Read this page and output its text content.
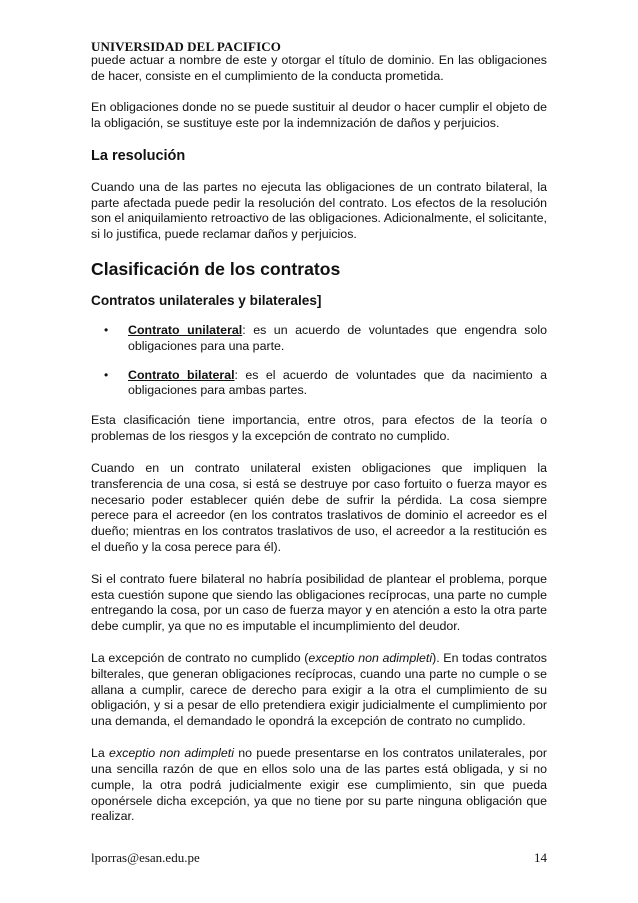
UNIVERSIDAD DEL PACIFICO

puede actuar a nombre de este y otorgar el título de dominio. En las obligaciones de hacer, consiste en el cumplimiento de la conducta prometida.

En obligaciones donde no se puede sustituir al deudor o hacer cumplir el objeto de la obligación, se sustituye este por la indemnización de daños y perjuicios.

La resolución

Cuando una de las partes no ejecuta las obligaciones de un contrato bilateral, la parte afectada puede pedir la resolución del contrato. Los efectos de la resolución son el aniquilamiento retroactivo de las obligaciones. Adicionalmente, el solicitante, si lo justifica, puede reclamar daños y perjuicios.

Clasificación de los contratos
Contratos unilaterales y bilaterales]
• Contrato unilateral: es un acuerdo de voluntades que engendra solo obligaciones para una parte.
• Contrato bilateral: es el acuerdo de voluntades que da nacimiento a obligaciones para ambas partes.

Esta clasificación tiene importancia, entre otros, para efectos de la teoría o problemas de los riesgos y la excepción de contrato no cumplido.

Cuando en un contrato unilateral existen obligaciones que impliquen la transferencia de una cosa, si está se destruye por caso fortuito o fuerza mayor es necesario poder establecer quién debe de sufrir la pérdida. La cosa siempre perece para el acreedor (en los contratos traslativos de dominio el acreedor es el dueño; mientras en los contratos traslativos de uso, el acreedor a la restitución es el dueño y la cosa perece para él).

Si el contrato fuere bilateral no habría posibilidad de plantear el problema, porque esta cuestión supone que siendo las obligaciones recíprocas, una parte no cumple entregando la cosa, por un caso de fuerza mayor y en atención a esto la otra parte debe cumplir, ya que no es imputable el incumplimiento del deudor.

La excepción de contrato no cumplido (exceptio non adimpleti). En todas contratos bilterales, que generan obligaciones recíprocas, cuando una parte no cumple o se allana a cumplir, carece de derecho para exigir a la otra el cumplimiento de su obligación, y si a pesar de ello pretendiera exigir judicialmente el cumplimiento por una demanda, el demandado le opondrá la excepción de contrato no cumplido.

La exceptio non adimpleti no puede presentarse en los contratos unilaterales, por una sencilla razón de que en ellos solo una de las partes está obligada, y si no cumple, la otra podrá judicialmente exigir ese cumplimiento, sin que pueda oponérsele dicha excepción, ya que no tiene por su parte ninguna obligación que realizar.

lporras@esan.edu.pe	14
